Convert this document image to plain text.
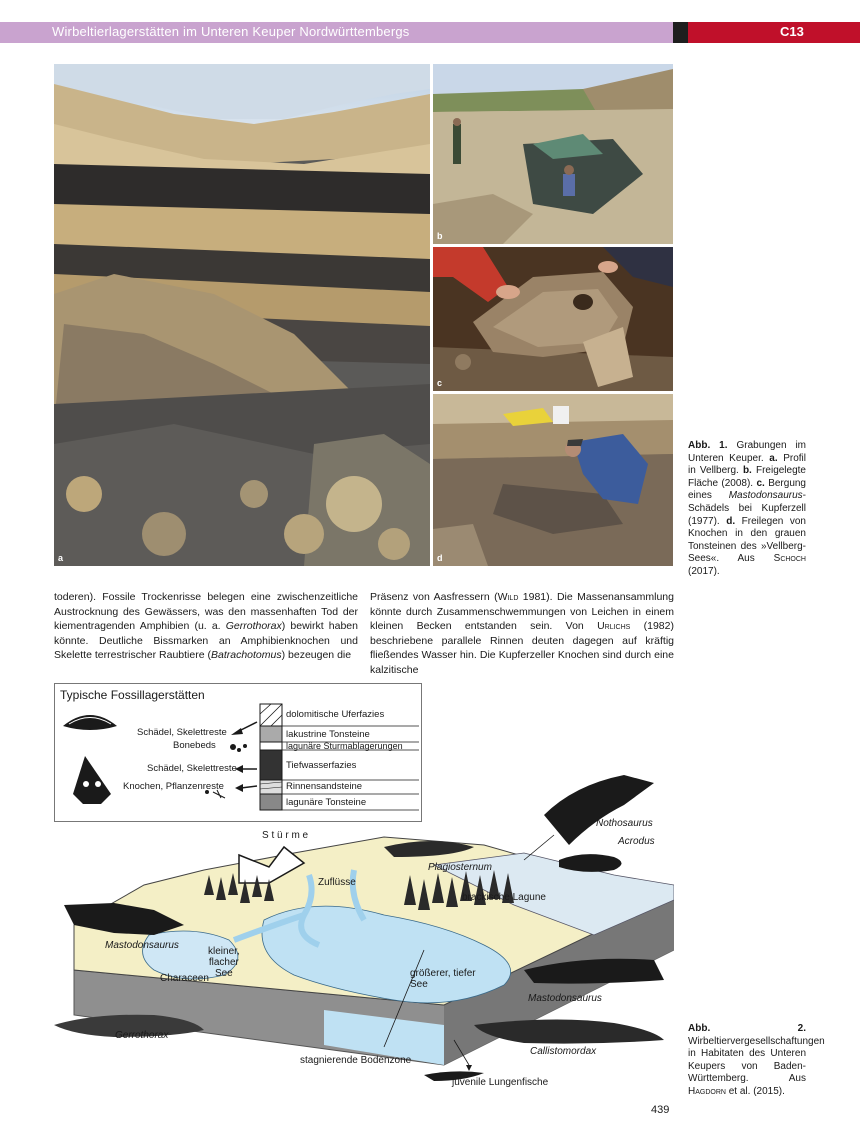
Wirbeltierlagerstätten im Unteren Keuper Nordwürttembergs	C13
a
b
c
d
Abb. 1. Grabungen im Unteren Keuper. a. Profil in Vellberg. b. Freigelegte Fläche (2008). c. Bergung eines Mastodonsaurus-Schädels bei Kupferzell (1977). d. Freilegen von Knochen in den grauen Tonsteinen des »Vellberg-Sees«. Aus Schoch (2017).
toderen). Fossile Trockenrisse belegen eine zwischenzeitliche Austrocknung des Gewässers, was den massenhaften Tod der kiementragenden Amphibien (u. a. Gerrothorax) bewirkt haben könnte. Deutliche Bissmarken an Amphibienknochen und Skelette terrestrischer Raubtiere (Batrachotomus) bezeugen die
Präsenz von Aasfressern (Wild 1981). Die Massenansammlung könnte durch Zusammenschwemmungen von Leichen in einem kleinen Becken entstanden sein. Von Urlichs (1982) beschriebene parallele Rinnen deuten dagegen auf kräftig fließendes Wasser hin. Die Kupferzeller Knochen sind durch eine kalzitische
Typische Fossillagerstätten
Schädel, Skelettreste
Bonebeds
Schädel, Skelettreste
Knochen, Pflanzenreste
dolomitische Uferfazies
lakustrine Tonsteine
lagunäre Sturmablagerungen
Tiefwasserfazies
Rinnensandsteine
lagunäre Tonsteine
S t ü r m e
Zuflüsse
brackische Lagune
kleiner,
flacher
See
Characeen	größerer, tiefer
See
stagnierende Bodenzone
juvenile Lungenfische
Nothosaurus
Acrodus
Plagiosternum
Mastodonsaurus
Mastodonsaurus
Gerrothorax
Callistomordax
Abb. 2. Wirbeltiervergesellschaftungen in Habitaten des Unteren Keupers von Baden-Württemberg. Aus Hagdorn et al. (2015).
439
